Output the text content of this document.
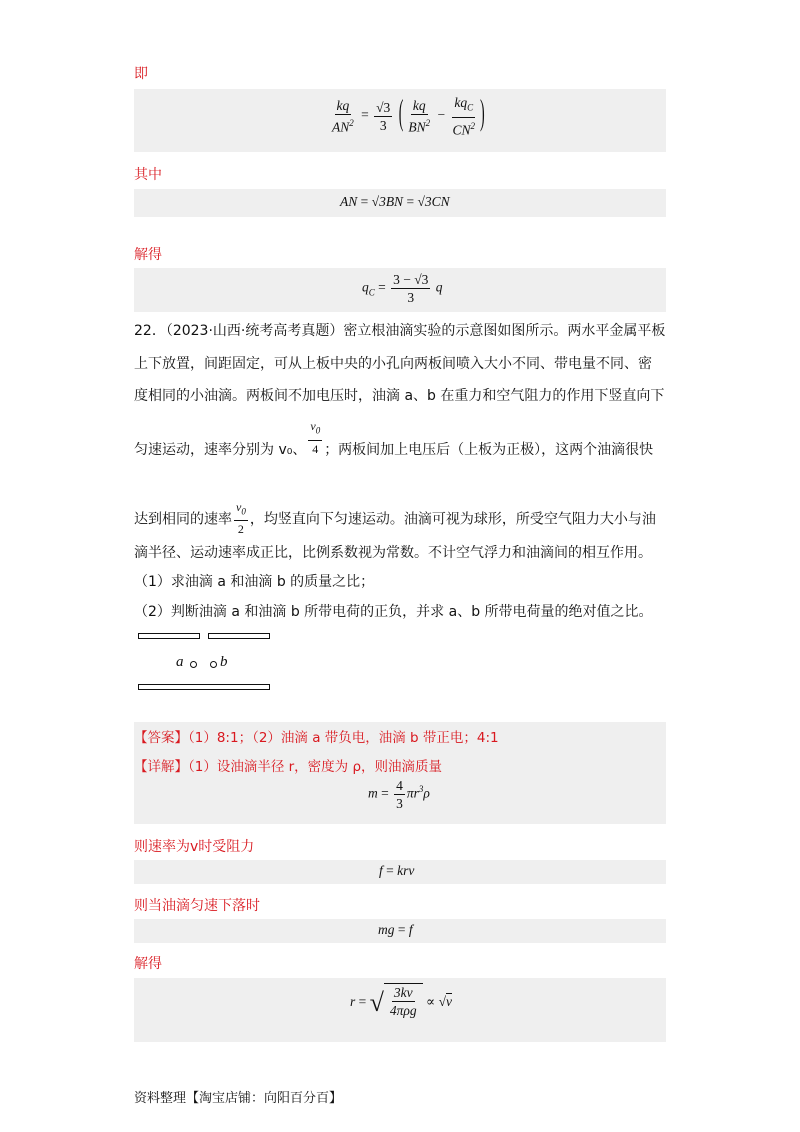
即
$\frac{kq}{AN^2} = \frac{√3}{3}$ ( $\frac{kq}{BN^2} - \frac{kq_C}{CN^2}$ )
其中
AN = √3BN = √3CN
解得
$q_C = \frac{3 - √3}{3}$ q
22．（2023·山西·统考高考真题）密立根油滴实验的示意图如图所示。两水平金属平板
上下放置，间距固定，可从上板中央的小孔向两板间喷入大小不同、带电量不同、密
度相同的小油滴。两板间不加电压时，油滴 a、b 在重力和空气阻力的作用下竖直向下
匀速运动，速率分别为 v₀、 $\frac{v_0}{4}$ ；两板间加上电压后（上板为正极），这两个油滴很快
达到相同的速率 $\frac{v_0}{2}$ ，均竖直向下匀速运动。油滴可视为球形，所受空气阻力大小与油
滴半径、运动速率成正比，比例系数视为常数。不计空气浮力和油滴间的相互作用。
（1）求油滴 a 和油滴 b 的质量之比；
（2）判断油滴 a 和油滴 b 所带电荷的正负，并求 a、b 所带电荷量的绝对值之比。
a b
【答案】（1）8:1；（2）油滴 a 带负电，油滴 b 带正电；4:1
【详解】（1）设油滴半径 r，密度为 ρ，则油滴质量
$m = \frac{4}{3} \pi r^3\rho$
则速率为v时受阻力
f = krv
则当油滴匀速下落时
mg = f
解得
r = √ $\frac{3kv}{\text{4πρg}} \propto √v$
资料整理【淘宝店铺：向阳百分百】
